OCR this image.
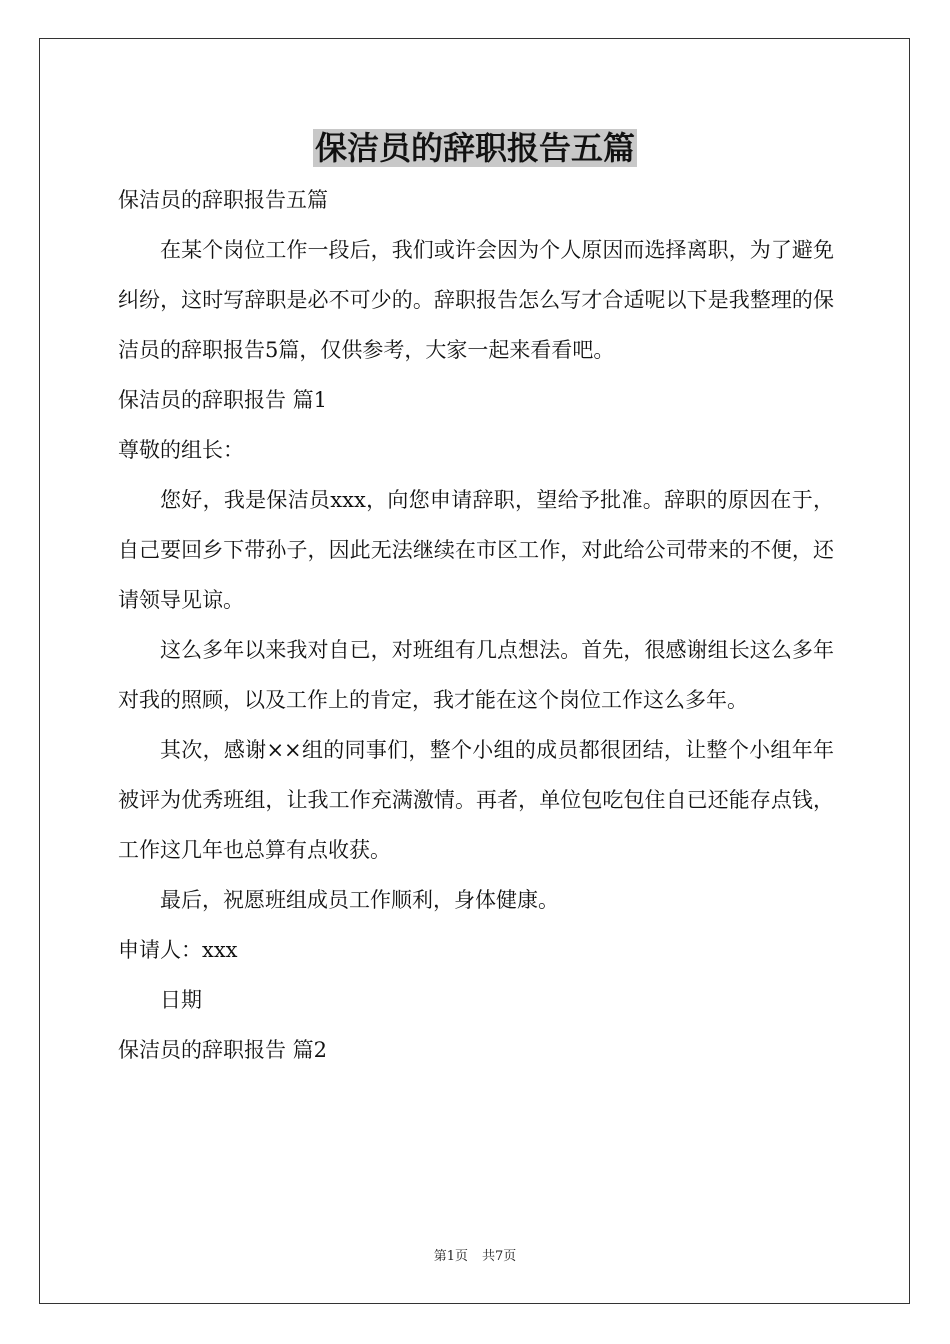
保洁员的辞职报告五篇

保洁员的辞职报告五篇

在某个岗位工作一段后，我们或许会因为个人原因而选择离职，为了避免纠纷，这时写辞职是必不可少的。辞职报告怎么写才合适呢以下是我整理的保洁员的辞职报告5篇，仅供参考，大家一起来看看吧。

保洁员的辞职报告 篇1

尊敬的组长：

您好，我是保洁员xxx，向您申请辞职，望给予批准。辞职的原因在于，自己要回乡下带孙子，因此无法继续在市区工作，对此给公司带来的不便，还请领导见谅。

这么多年以来我对自已，对班组有几点想法。首先，很感谢组长这么多年对我的照顾，以及工作上的肯定，我才能在这个岗位工作这么多年。

其次，感谢××组的同事们，整个小组的成员都很团结，让整个小组年年被评为优秀班组，让我工作充满激情。再者，单位包吃包住自已还能存点钱，工作这几年也总算有点收获。

最后，祝愿班组成员工作顺利，身体健康。

申请人：xxx

日期

保洁员的辞职报告 篇2

第1页 共7页
